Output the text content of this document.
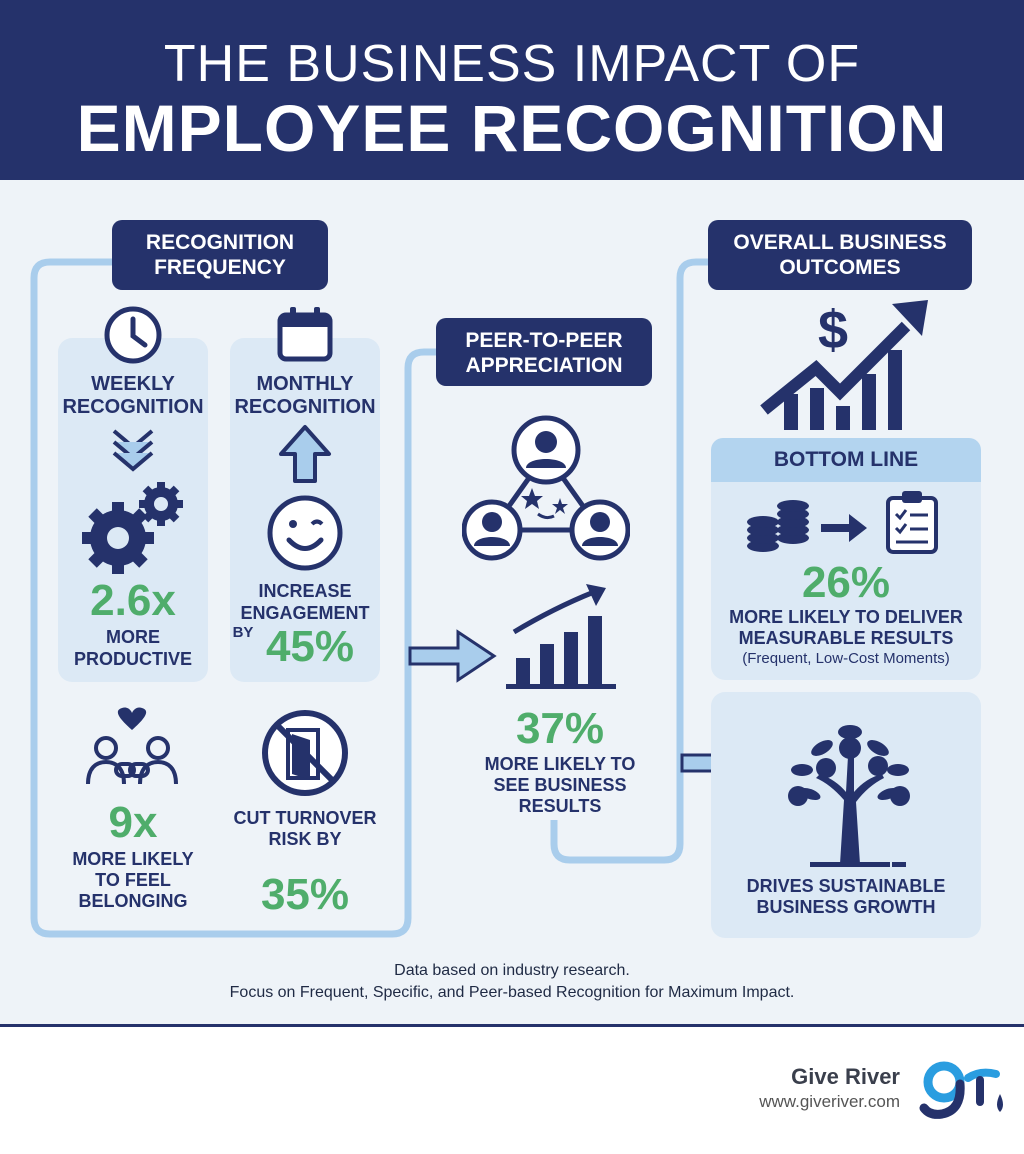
THE BUSINESS IMPACT OF
EMPLOYEE RECOGNITION
RECOGNITION FREQUENCY
PEER-TO-PEER APPRECIATION
OVERALL BUSINESS OUTCOMES
WEEKLY RECOGNITION
2.6x
MORE PRODUCTIVE
MONTHLY RECOGNITION
INCREASE ENGAGEMENT
BY 45%
9x
MORE LIKELY TO FEEL BELONGING
CUT TURNOVER RISK BY
35%
37%
MORE LIKELY TO SEE BUSINESS RESULTS
$
BOTTOM LINE
26%
MORE LIKELY TO DELIVER MEASURABLE RESULTS
(Frequent, Low-Cost Moments)
DRIVES SUSTAINABLE BUSINESS GROWTH
Data based on industry research.
Focus on Frequent, Specific, and Peer-based Recognition for Maximum Impact.
Give River
www.giveriver.com
